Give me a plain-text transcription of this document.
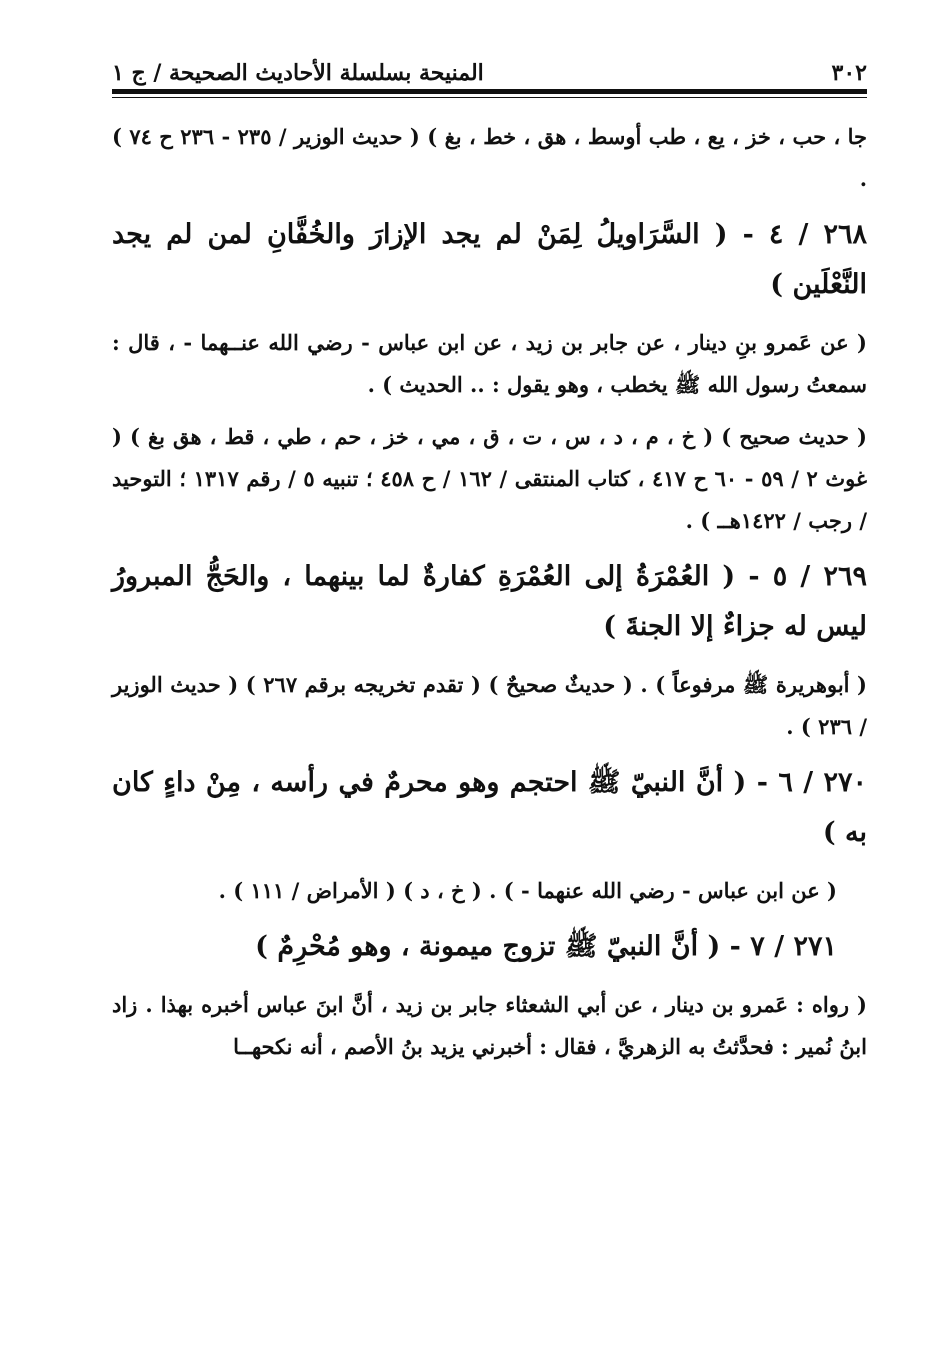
٣٠٢
المنيحة بسلسلة الأحاديث الصحيحة / ج ١

جا ، حب ، خز ، يع ، طب أوسط ، هق ، خط ، بغ ) ( حديث الوزير / ٢٣٥ - ٢٣٦ ح ٧٤ ) .

٢٦٨ / ٤ - ( السَّرَاويلُ لِمَنْ لم يجد الإزارَ والخُفَّانِ لمن لم يجد النَّعْلَين )

( عن عَمرو بنِ دينار ، عن جابر بن زيد ، عن ابن عباس - رضي الله عنــهما - ، قال : سمعتُ رسول الله ﷺ يخطب ، وهو يقول : .. الحديث ) .

( حديث صحيح ) ( خ ، م ، د ، س ، ت ، ق ، مي ، خز ، حم ، طي ، قط ، هق بغ ) ( غوث ٢ / ٥٩ - ٦٠ ح ٤١٧ ، كتاب المنتقى / ١٦٢ / ح ٤٥٨ ؛ تنبيه ٥ / رقم ١٣١٧ ؛ التوحيد / رجب / ١٤٢٢هــ ) .

٢٦٩ / ٥ - ( العُمْرَةُ إلى العُمْرَةِ كفارةٌ لما بينهما ، والحَجُّ المبرورُ ليس له جزاءٌ إلا الجنةَ )

( أبوهريرة ﷺ مرفوعاً ) . ( حديثٌ صحيحٌ ) ( تقدم تخريجه برقم ٢٦٧ ) ( حديث الوزير / ٢٣٦ ) .

٢٧٠ / ٦ - ( أنَّ النبيّ ﷺ احتجم وهو محرمٌ في رأسه ، مِنْ داءٍ كان به )

( عن ابن عباس - رضي الله عنهما - ) . ( خ ، د ) ( الأمراض / ١١١ ) .

٢٧١ / ٧ - ( أنَّ النبيّ ﷺ تزوج ميمونة ، وهو مُحْرِمٌ )

( رواه : عَمرو بن دينار ، عن أبي الشعثاء جابر بن زيد ، أنَّ ابنَ عباس أخبره بهذا . زاد ابنُ نُمير : فحدَّثتُ به الزهريَّ ، فقال : أخبرني يزيد بنُ الأصم ، أنه نكحهــا
